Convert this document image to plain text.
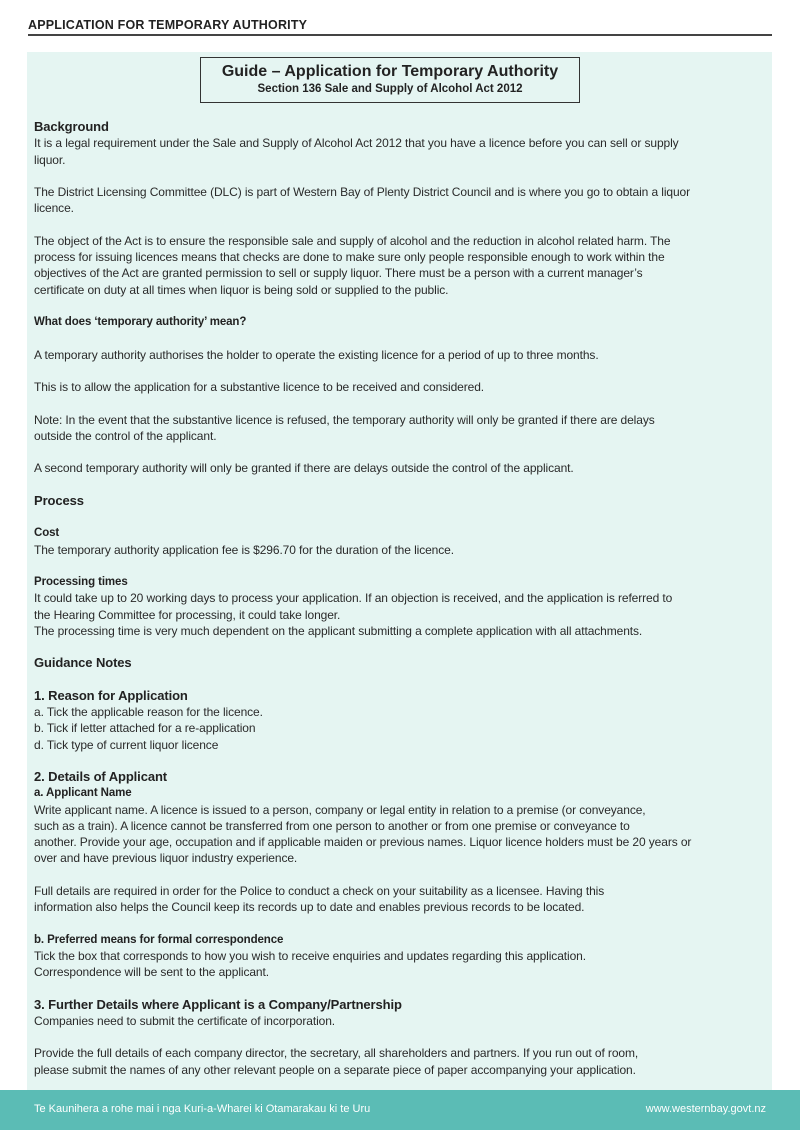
APPLICATION FOR TEMPORARY AUTHORITY
Guide – Application for Temporary Authority
Section 136 Sale and Supply of Alcohol Act 2012
Background
It is a legal requirement under the Sale and Supply of Alcohol Act 2012 that you have a licence before you can sell or supply
liquor.
The District Licensing Committee (DLC) is part of Western Bay of Plenty District Council and is where you go to obtain a liquor
licence.
The object of the Act is to ensure the responsible sale and supply of alcohol and the reduction in alcohol related harm. The
process for issuing licences means that checks are done to make sure only people responsible enough to work within the
objectives of the Act are granted permission to sell or supply liquor. There must be a person with a current manager’s
certificate on duty at all times when liquor is being sold or supplied to the public.
What does ‘temporary authority’ mean?
A temporary authority authorises the holder to operate the existing licence for a period of up to three months.
This is to allow the application for a substantive licence to be received and considered.
Note: In the event that the substantive licence is refused, the temporary authority will only be granted if there are delays
outside the control of the applicant.
A second temporary authority will only be granted if there are delays outside the control of the applicant.
Process
Cost
The temporary authority application fee is $296.70 for the duration of the licence.
Processing times
It could take up to 20 working days to process your application. If an objection is received, and the application is referred to
the Hearing Committee for processing, it could take longer.
The processing time is very much dependent on the applicant submitting a complete application with all attachments.
Guidance Notes
1. Reason for Application
a. Tick the applicable reason for the licence.
b. Tick if letter attached for a re-application
d. Tick type of current liquor licence
2. Details of Applicant
a. Applicant Name
Write applicant name. A licence is issued to a person, company or legal entity in relation to a premise (or conveyance,
such as a train). A licence cannot be transferred from one person to another or from one premise or conveyance to
another. Provide your age, occupation and if applicable maiden or previous names. Liquor licence holders must be 20 years or
over and have previous liquor industry experience.
Full details are required in order for the Police to conduct a check on your suitability as a licensee. Having this
information also helps the Council keep its records up to date and enables previous records to be located.
b. Preferred means for formal correspondence
Tick the box that corresponds to how you wish to receive enquiries and updates regarding this application.
Correspondence will be sent to the applicant.
3. Further Details where Applicant is a Company/Partnership
Companies need to submit the certificate of incorporation.
Provide the full details of each company director, the secretary, all shareholders and partners. If you run out of room,
please submit the names of any other relevant people on a separate piece of paper accompanying your application.
Te Kaunihera a rohe mai i nga Kuri-a-Wharei ki Otamarakau ki te Uru	www.westernbay.govt.nz
